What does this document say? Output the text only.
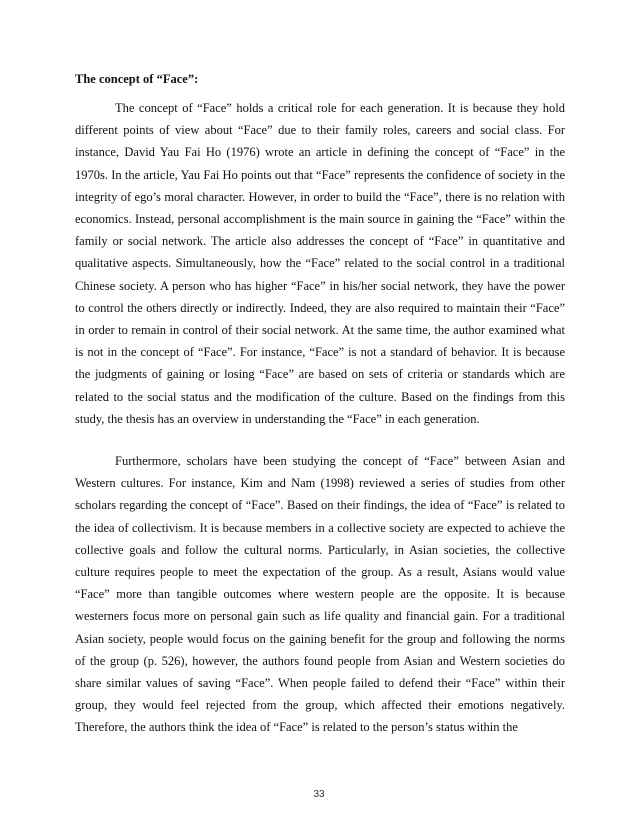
The concept of “Face”:

The concept of “Face” holds a critical role for each generation. It is because they hold different points of view about “Face” due to their family roles, careers and social class. For instance, David Yau Fai Ho (1976) wrote an article in defining the concept of “Face” in the 1970s. In the article, Yau Fai Ho points out that “Face” represents the confidence of society in the integrity of ego’s moral character. However, in order to build the “Face”, there is no relation with economics. Instead, personal accomplishment is the main source in gaining the “Face” within the family or social network. The article also addresses the concept of “Face” in quantitative and qualitative aspects. Simultaneously, how the “Face” related to the social control in a traditional Chinese society. A person who has higher “Face” in his/her social network, they have the power to control the others directly or indirectly. Indeed, they are also required to maintain their “Face” in order to remain in control of their social network. At the same time, the author examined what is not in the concept of “Face”. For instance, “Face” is not a standard of behavior. It is because the judgments of gaining or losing “Face” are based on sets of criteria or standards which are related to the social status and the modification of the culture. Based on the findings from this study, the thesis has an overview in understanding the “Face” in each generation.

Furthermore, scholars have been studying the concept of “Face” between Asian and Western cultures. For instance, Kim and Nam (1998) reviewed a series of studies from other scholars regarding the concept of “Face”. Based on their findings, the idea of “Face” is related to the idea of collectivism. It is because members in a collective society are expected to achieve the collective goals and follow the cultural norms. Particularly, in Asian societies, the collective culture requires people to meet the expectation of the group. As a result, Asians would value “Face” more than tangible outcomes where western people are the opposite. It is because westerners focus more on personal gain such as life quality and financial gain. For a traditional Asian society, people would focus on the gaining benefit for the group and following the norms of the group (p. 526), however, the authors found people from Asian and Western societies do share similar values of saving “Face”. When people failed to defend their “Face” within their group, they would feel rejected from the group, which affected their emotions negatively. Therefore, the authors think the idea of “Face” is related to the person’s status within the

33
